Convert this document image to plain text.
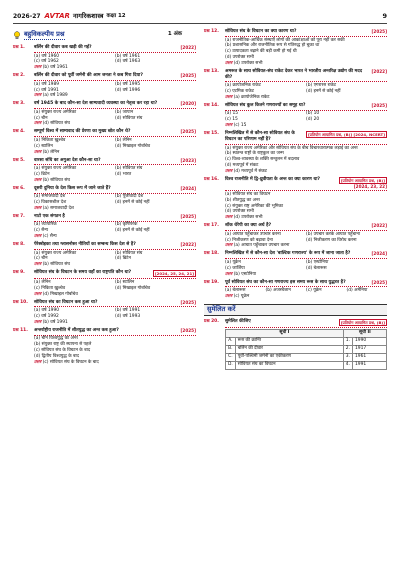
2026-27 AVTAR नागरिकशास्त्र कक्षा 12	9
बहुविकल्पीय प्रश्न	1 अंक
प्रश्न 1.	बर्लिन की दीवार कब खड़ी की गई?	[2022]
(a) वर्ष 1960	(b) वर्ष 1961
(c) वर्ष 1962	(d) वर्ष 1963
उत्तर (b) वर्ष 1961
प्रश्न 2.	बर्लिन की दीवार को पूर्वी जर्मनी की आम जनता ने कब गिरा दिया?	[2025]
(a) वर्ष 1989	(b) वर्ष 1995
(c) वर्ष 1991	(d) वर्ष 1996
उत्तर (a) वर्ष 1989
प्रश्न 3.	वर्ष 1945 के बाद कौन-सा देश साम्यवादी व्यवस्था का नेतृत्व कर रहा था?	[2020]
(a) संयुक्त राज्य अमेरिका	(b) जापान
(c) चीन	(d) सोवियत संघ
उत्तर (d) सोवियत संघ
प्रश्न 4.	सम्पूर्ण विश्व में साम्यवाद की प्रेरणा का मुख्य स्रोत कौन थे?	[2025]
(a) निकिता ख्रुश्चेव	(b) लेनिन
(c) स्टालिन	(d) मिखाइल गोर्बाचेव
उत्तर (b) लेनिन
प्रश्न 5.	वारसा संधि का अगुआ देश कौन-सा था?	[2023]
(a) संयुक्त राज्य अमेरिका	(b) सोवियत संघ
(c) ब्रिटेन	(d) भारत
उत्तर (b) सोवियत संघ
प्रश्न 6.	दूसरी दुनिया के देश किस रूप में जाने जाते हैं?	[2024]
(a) समाजवादी देश	(b) पूँजीवादी देश
(c) विकासशील देश	(d) इनमें से कोई नहीं
उत्तर (a) समाजवादी देश
प्रश्न 7.	नाटो एक संगठन है	[2025]
(a) व्यापारिक	(b) कृषिपरक
(c) सैन्य	(d) इनमें से कोई नहीं
उत्तर (c) सैन्य
प्रश्न 8.	पेरेस्त्रोइका तथा ग्लासनोस्त नीतियों का सम्बन्ध किस देश से है?	[2022]
(a) संयुक्त राज्य अमेरिका	(b) सोवियत संघ
(c) चीन	(d) ब्रिटेन
उत्तर (b) सोवियत संघ
प्रश्न 9.	सोवियत संघ के विघटन के समय वहाँ का राष्ट्रपति कौन था?	[2024, 25, 24, 21]
(a) लेनिन	(b) स्टालिन
(c) निकिता ख्रुश्चेव	(d) मिखाइल गोर्बाचेव
उत्तर (d) मिखाइल गोर्बाचेव
प्रश्न 10.	सोवियत संघ का विघटन कब हुआ था?	[2025]
(a) वर्ष 1990	(b) वर्ष 1991
(c) वर्ष 1992	(d) वर्ष 1993
उत्तर (b) वर्ष 1991
प्रश्न 11.	अन्तर्राष्ट्रीय राजनीति में शीतयुद्ध का अन्त कब हुआ?	[2025]
(a) चीन विश्वयुद्ध का अन्त
(b) संयुक्त राष्ट्र की स्थापना से पहले
(c) सोवियत संघ के विघटन के बाद
(d) द्वितीय विश्वयुद्ध के बाद
उत्तर (c) सोवियत संघ के विघटन के बाद
प्रश्न 12.	सोवियत संघ के विघटन का क्या कारण था?	[2025]
(a) राजनीतिक-आर्थिक संस्थाएँ लोगों की आकांक्षाओं को पूरा नहीं कर सकी
(b) प्रशासनिक और राजनीतिक रूप से गतिरुद्ध हो चुका था
(c) उत्पादकता बढ़ाने की बड़ी कमी हो गई थी
(d) उपरोक्त सभी
उत्तर (d) उपरोक्त सभी
प्रश्न 13.	अमरूत के साथ सोवियत-संघ राकेट देकर भारत ने भारतीय अन्तरिक्ष उद्योग की मदद की?
[2022]
(a) क्रायोजनिक राकेट	(b) एगरारस राकेट
(c) एटमिक राकेट	(d) इनमें से कोई नहीं
उत्तर (a) क्रायोजेनिक राकेट
प्रश्न 14.	सोवियत संघ कुल कितने गणराज्यों का समूह था?	[2025]
(a) 15	(b) 10
(c) 15	(d) 20
उत्तर (c) 15
प्रश्न 15.	निम्नलिखित में से कौन-सा सोवियत संघ के विघटन का परिणाम नहीं है?
[प्रतियोग आयामित प्रश्न, (B)] [2024, NCERT]
(a) संयुक्त राज्य अमेरिका और सोवियत संघ के बीच विचारधारात्मक लड़ाई का अन्त
(b) स्वतन्त्र राष्ट्रों के राष्ट्रकुल का जन्म
(c) विश्व-व्यवस्था के शक्ति सन्तुलन में बदलाव
(d) मध्यपूर्व में संकट
उत्तर (d) मध्यपूर्व में संकट
प्रश्न 16.	विश्व राजनीति में द्वि-ध्रुवीयता के अन्त का क्या कारण था?	[प्रतियोग आयामित प्रश्न, (B)]
[2024, 23, 22]
(a) सोवियत संघ का विघटन
(b) शीतयुद्ध का अन्त
(c) संयुक्त राष्ट्र अमेरिका की भूमिका
(d) उपरोक्त सभी
उत्तर (d) उपरोक्त सभी
प्रश्न 17.	शॉक थेरेपी का क्या अर्थ है?	[2022]
(a) आघात पहुँचाकर उपचार करना	(b) उपचार करके आघात पहुँचाना
(c) निजीकरण को बढ़ावा देना	(d) निजीकरण का विरोध करना
उत्तर (a) आघात पहुँचाकर उपचार करना
प्रश्न 18.	निम्नलिखित में से कौन-सा देश 'बाल्टिक गणराज्य' के रूप में जाना जाता है?	[2024]
(a) यूक्रेन	(b) एस्टोनिया
(c) जार्जिया	(d) बेलारूस
उत्तर (b) एस्टोनिया
प्रश्न 19.	पूर्व सोवियत संघ का कौन-सा गणराज्य इस समय रूस के साथ युद्धरत है?	[2025]
(a) बेलारूस	(b) अजरबैजान	(c) यूक्रेन	(d) अर्मेनिया
उत्तर (c) यूक्रेन
सुमेलित करें
प्रश्न 20.	सुमेलित कीजिए	[प्रतियोग आयामित प्रश्न, (B)]
सूची I		सूची II	
A.	रूस की क्रान्ति	1.	1990
B.	बर्लिन की दीवार	2.	1917
C.	पूर्वी-पश्चिमी जर्मनी का एकीकरण	3.	1961
D.	सोवियत संघ का विघटन	4.	1991
